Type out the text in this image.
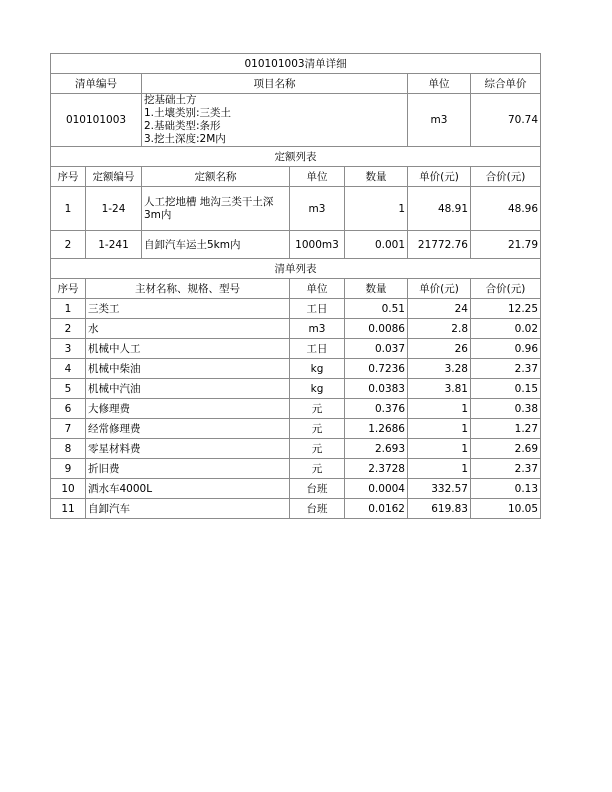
010101003清单详细						
清单编号		项目名称			单位	综合单价
010101003		挖基础土方
1.土壤类别:三类土
2.基础类型:条形
3.挖土深度:2M内			m3	70.74
定额列表						
序号	定额编号	定额名称	单位	数量	单价(元)	合价(元)
1	1-24	人工挖地槽 地沟三类干土深3m内	m3	1	48.91	48.96
2	1-241	自卸汽车运土5km内	1000m3	0.001	21772.76	21.79
清单列表						
序号	主材名称、规格、型号		单位	数量	单价(元)	合价(元)
1	三类工		工日	0.51	24	12.25
2	水		m3	0.0086	2.8	0.02
3	机械中人工		工日	0.037	26	0.96
4	机械中柴油		kg	0.7236	3.28	2.37
5	机械中汽油		kg	0.0383	3.81	0.15
6	大修理费		元	0.376	1	0.38
7	经常修理费		元	1.2686	1	1.27
8	零星材料费		元	2.693	1	2.69
9	折旧费		元	2.3728	1	2.37
10	洒水车4000L		台班	0.0004	332.57	0.13
11	自卸汽车		台班	0.0162	619.83	10.05
